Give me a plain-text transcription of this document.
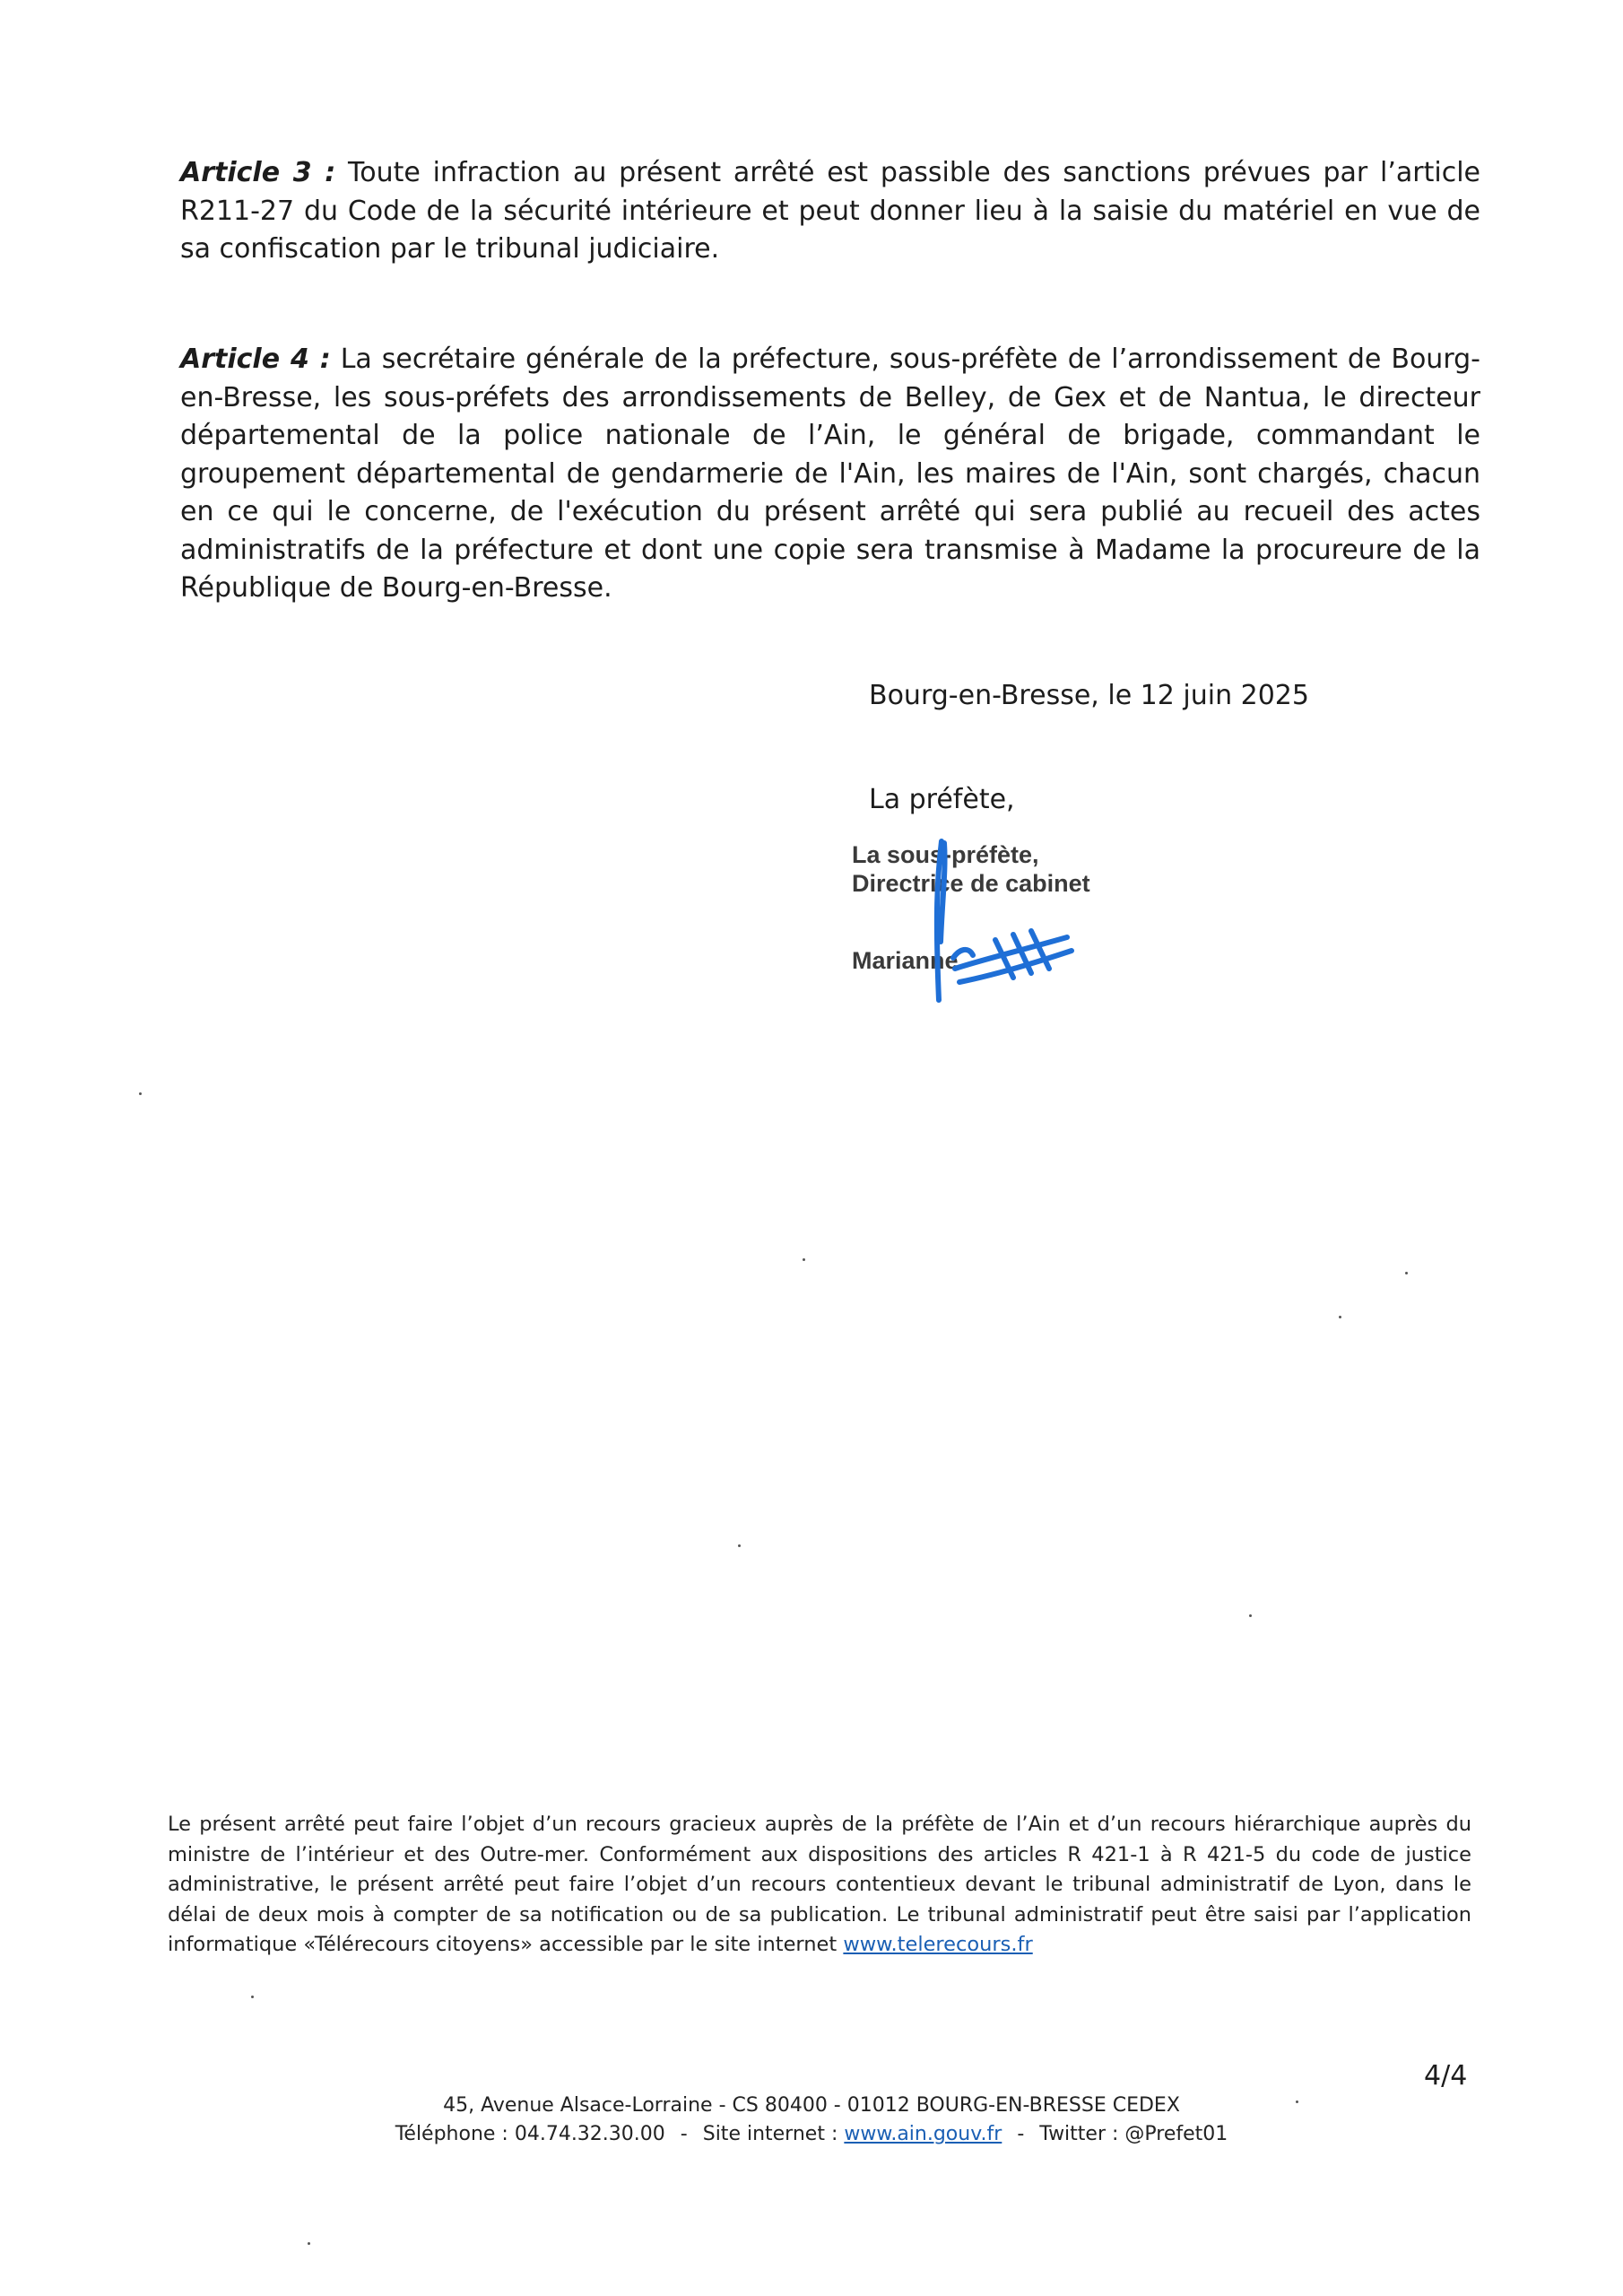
Article 3 : Toute infraction au présent arrêté est passible des sanctions prévues par l’article R211-27 du Code de la sécurité intérieure et peut donner lieu à la saisie du matériel en vue de sa confiscation par le tribunal judiciaire.

Article 4 : La secrétaire générale de la préfecture, sous-préfète de l’arrondissement de Bourg-en-Bresse, les sous-préfets des arrondissements de Belley, de Gex et de Nantua, le directeur départemental de la police nationale de l’Ain, le général de brigade, commandant le groupement départemental de gendarmerie de l'Ain, les maires de l'Ain, sont chargés, chacun en ce qui le concerne, de l'exécution du présent arrêté qui sera publié au recueil des actes administratifs de la préfecture et dont une copie sera transmise à Madame la procureure de la République de Bourg-en-Bresse.

Bourg-en-Bresse, le 12 juin 2025

La préfète,

La sous-préfète,
Directrice de cabinet
Marianne

Le présent arrêté peut faire l’objet d’un recours gracieux auprès de la préfète de l’Ain et d’un recours hiérarchique auprès du ministre de l’intérieur et des Outre-mer. Conformément aux dispositions des articles R 421-1 à R 421-5 du code de justice administrative, le présent arrêté peut faire l’objet d’un recours contentieux devant le tribunal administratif de Lyon, dans le délai de deux mois à compter de sa notification ou de sa publication. Le tribunal administratif peut être saisi par l’application informatique «Télérecours citoyens» accessible par le site internet www.telerecours.fr

4/4

45, Avenue Alsace-Lorraine - CS 80400 - 01012 BOURG-EN-BRESSE CEDEX

Téléphone : 04.74.32.30.00 - Site internet : www.ain.gouv.fr - Twitter : @Prefet01
